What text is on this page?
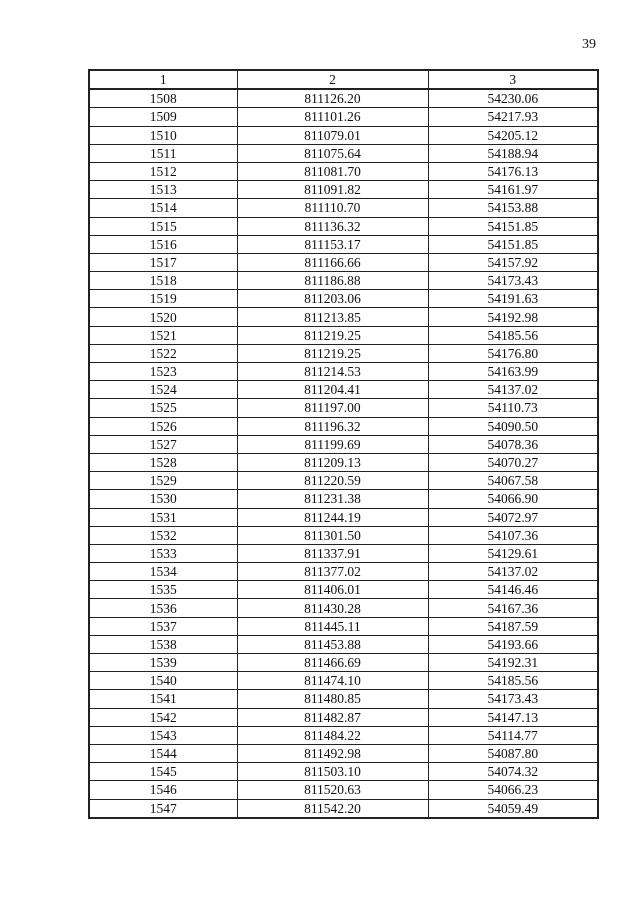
39
1	2	3
1508	811126.20	54230.06
1509	811101.26	54217.93
1510	811079.01	54205.12
1511	811075.64	54188.94
1512	811081.70	54176.13
1513	811091.82	54161.97
1514	811110.70	54153.88
1515	811136.32	54151.85
1516	811153.17	54151.85
1517	811166.66	54157.92
1518	811186.88	54173.43
1519	811203.06	54191.63
1520	811213.85	54192.98
1521	811219.25	54185.56
1522	811219.25	54176.80
1523	811214.53	54163.99
1524	811204.41	54137.02
1525	811197.00	54110.73
1526	811196.32	54090.50
1527	811199.69	54078.36
1528	811209.13	54070.27
1529	811220.59	54067.58
1530	811231.38	54066.90
1531	811244.19	54072.97
1532	811301.50	54107.36
1533	811337.91	54129.61
1534	811377.02	54137.02
1535	811406.01	54146.46
1536	811430.28	54167.36
1537	811445.11	54187.59
1538	811453.88	54193.66
1539	811466.69	54192.31
1540	811474.10	54185.56
1541	811480.85	54173.43
1542	811482.87	54147.13
1543	811484.22	54114.77
1544	811492.98	54087.80
1545	811503.10	54074.32
1546	811520.63	54066.23
1547	811542.20	54059.49
